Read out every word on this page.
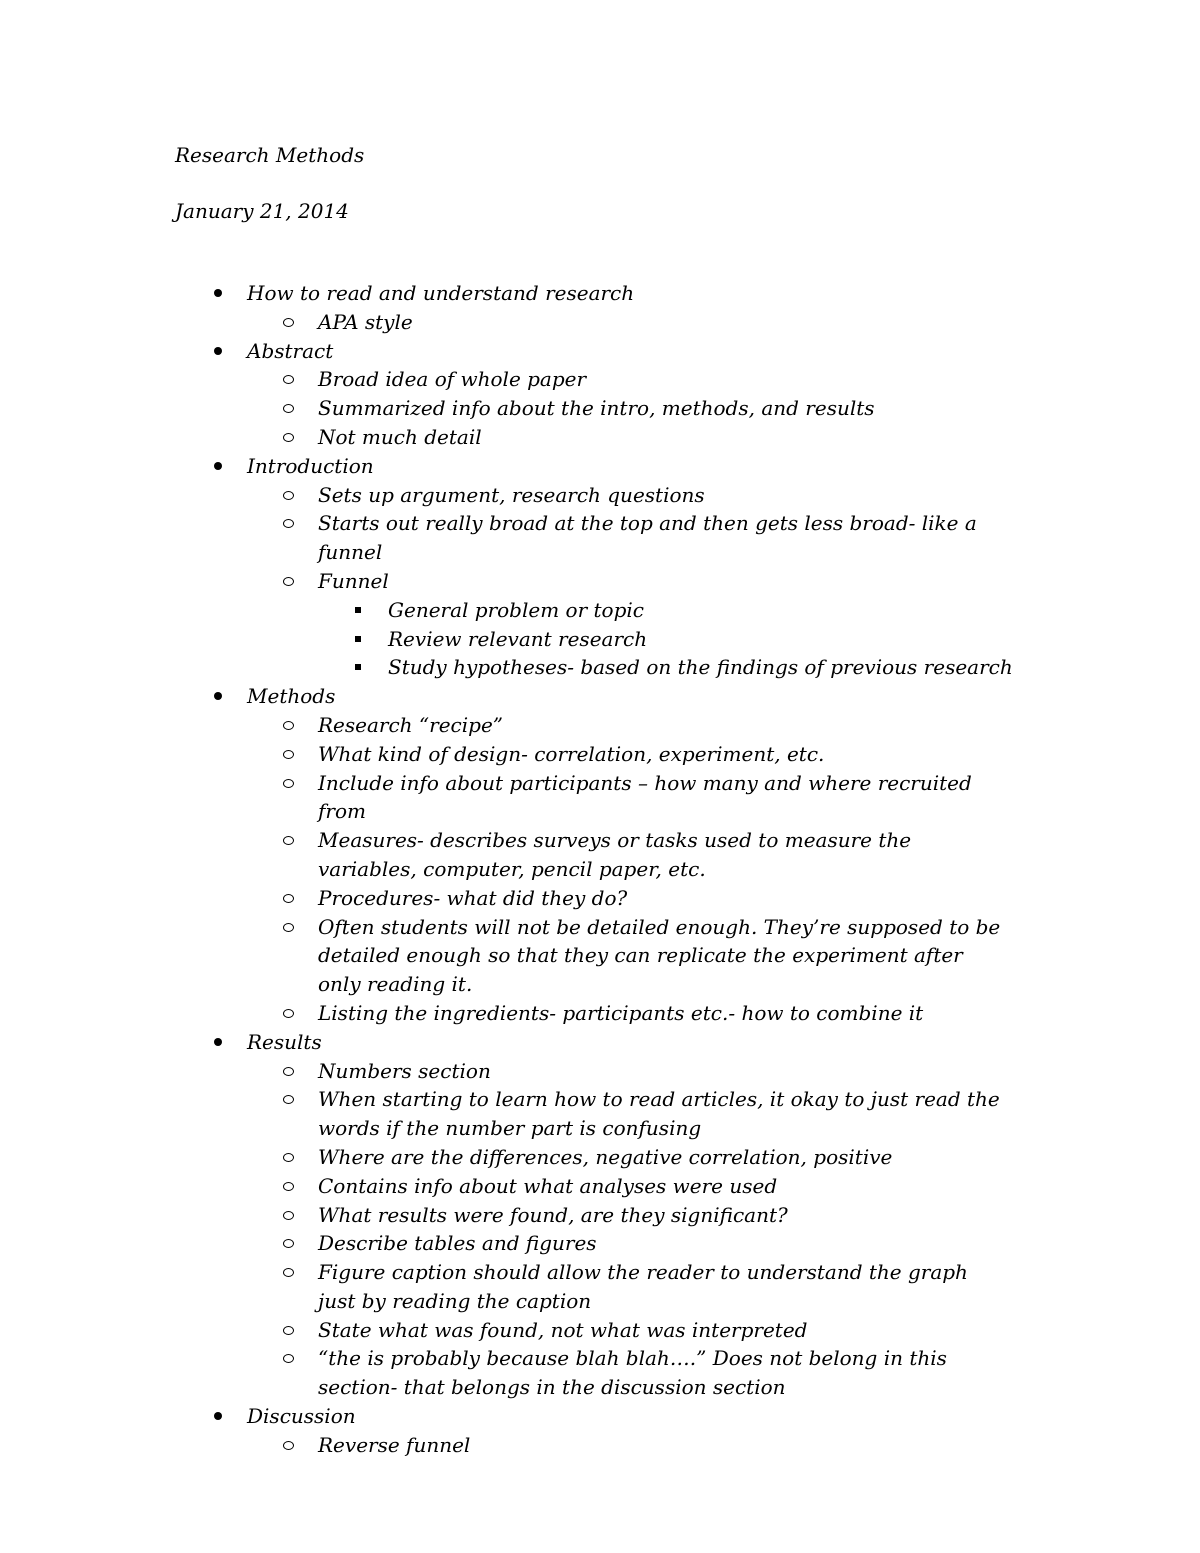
Research Methods

January 21, 2014

How to read and understand research
APA style
Abstract
Broad idea of whole paper
Summarized info about the intro, methods, and results
Not much detail
Introduction
Sets up argument, research questions
Starts out really broad at the top and then gets less broad- like a funnel
Funnel
General problem or topic
Review relevant research
Study hypotheses- based on the findings of previous research
Methods
Research “recipe”
What kind of design- correlation, experiment, etc.
Include info about participants – how many and where recruited from
Measures- describes surveys or tasks used to measure the variables, computer, pencil paper, etc.
Procedures- what did they do?
Often students will not be detailed enough. They’re supposed to be detailed enough so that they can replicate the experiment after only reading it.
Listing the ingredients- participants etc.- how to combine it
Results
Numbers section
When starting to learn how to read articles, it okay to just read the words if the number part is confusing
Where are the differences, negative correlation, positive
Contains info about what analyses were used
What results were found, are they significant?
Describe tables and figures
Figure caption should allow the reader to understand the graph just by reading the caption
State what was found, not what was interpreted
“the is probably because blah blah….” Does not belong in this section- that belongs in the discussion section
Discussion
Reverse funnel
